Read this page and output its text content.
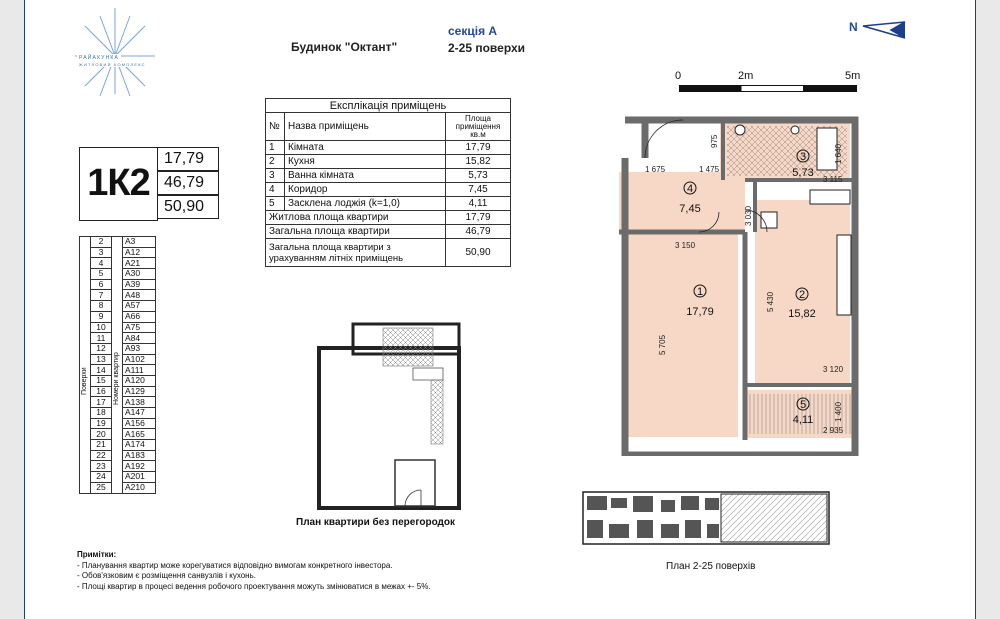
РАЙАКУНКА
ЖИТЛОВИЙ КОМПЛЕКС
Будинок "Октант"
секція А
2-25 поверхи
N
0	2m	5m
1К2
17,79
46,79
50,90
Експлікація приміщень		
№	Назва приміщень	Площа приміщення кв.м
1	Кімната	17,79
2	Кухня	15,82
3	Ванна кімната	5,73
4	Коридор	7,45
5	Засклена лоджія (k=1,0)	4,11
Житлова площа квартири		17,79
Загальна площа квартири		46,79
Загальна площа квартири з урахуванням літніх приміщень		50,90
Поверхи	2	Номери квартир	А3
	3		А12
	4		А21
	5		А30
	6		А39
	7		А48
	8		А57
	9		А66
	10		А75
	11		А84
	12		А93
	13		А102
	14		А111
	15		А120
	16		А129
	17		А138
	18		А147
	19		А156
	20		А165
	21		А174
	22		А183
	23		А192
	24		А201
	25		А210
План квартири без перегородок
4
7,45
1
17,79
2
15,82
3
5,73
5
4,11
1 675	1 475
3 115
1 640
975
3 030
3 150
5 430
5 705
3 120
1 400
2 935
План 2-25 поверхів
Примітки:
- Планування квартир може корегуватися відповідно вимогам конкретного інвестора.
- Обов'язковим є розміщення санвузлів і кухонь.
- Площі квартир в процесі ведення робочого проектування можуть змінюватися в межах +- 5%.
